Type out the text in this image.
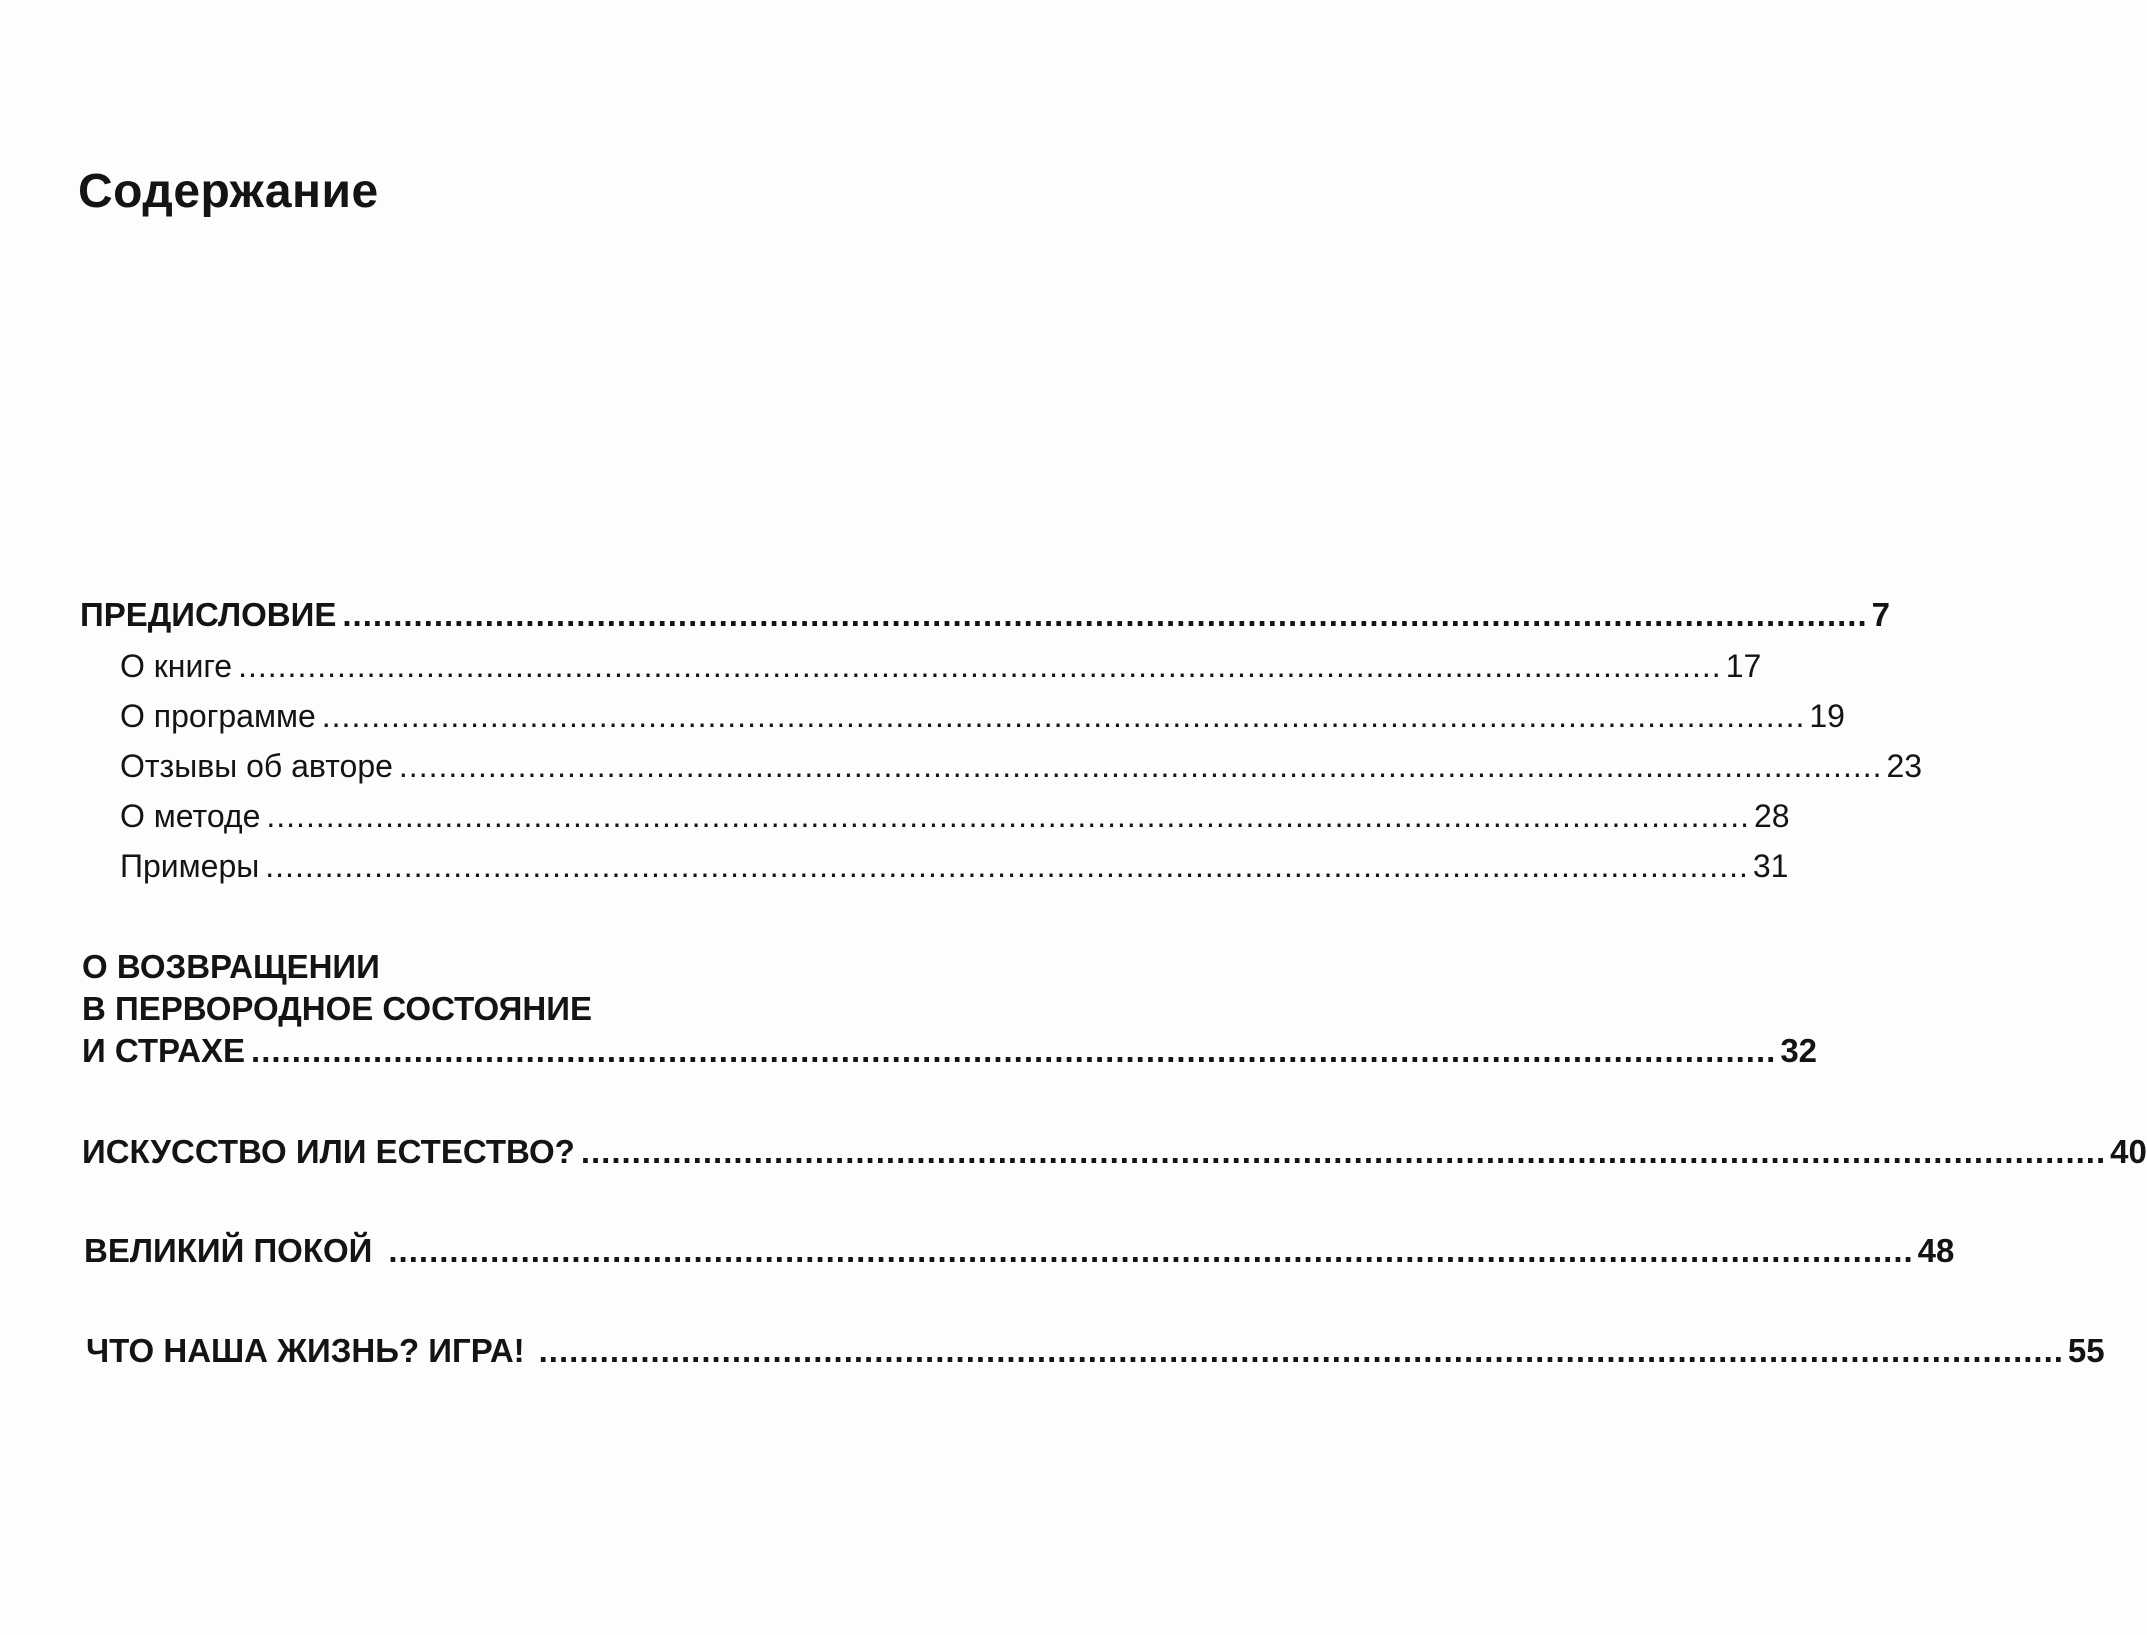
Содержание
ПРЕДИСЛОВИЕ ...................................................................................................................................................... 7
О книге ...................................................................................................................................................... 17
О программе ...................................................................................................................................................... 19
Отзывы об авторе ...................................................................................................................................................... 23
О методе ...................................................................................................................................................... 28
Примеры ...................................................................................................................................................... 31
О ВОЗВРАЩЕНИИ
В ПЕРВОРОДНОЕ СОСТОЯНИЕ
И СТРАХЕ ...................................................................................................................................................... 32
ИСКУССТВО ИЛИ ЕСТЕСТВО? ...................................................................................................................................................... 40
ВЕЛИКИЙ ПОКОЙ ...................................................................................................................................................... 48
ЧТО НАША ЖИЗНЬ? ИГРА! ...................................................................................................................................................... 55
